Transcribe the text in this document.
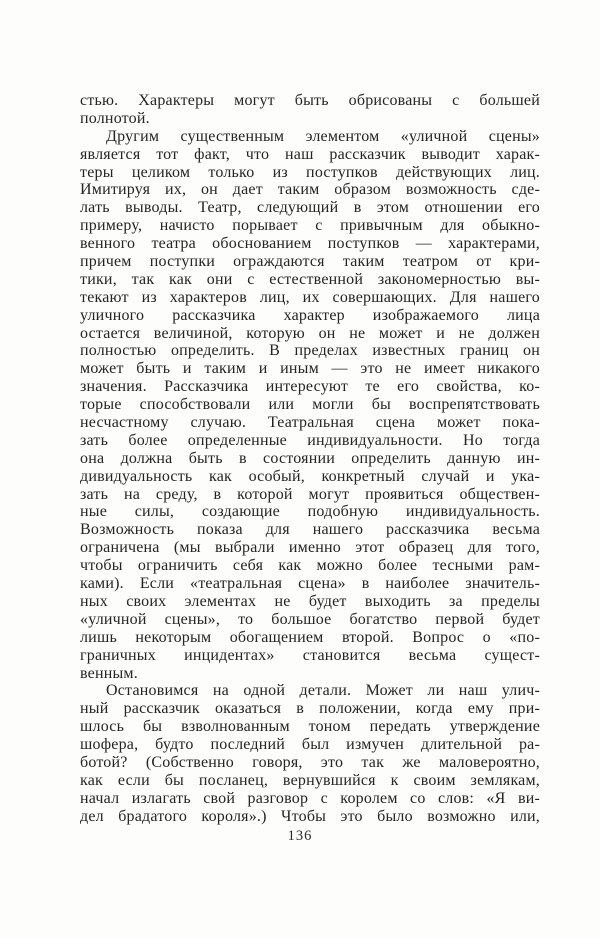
стью. Характеры могут быть обрисованы с большей
полнотой.
Другим существенным элементом «уличной сцены»
является тот факт, что наш рассказчик выводит харак-
теры целиком только из поступков действующих лиц.
Имитируя их, он дает таким образом возможность сде-
лать выводы. Театр, следующий в этом отношении его
примеру, начисто порывает с привычным для обыкно-
венного театра обоснованием поступков — характерами,
причем поступки ограждаются таким театром от кри-
тики, так как они с естественной закономерностью вы-
текают из характеров лиц, их совершающих. Для нашего
уличного рассказчика характер изображаемого лица
остается величиной, которую он не может и не должен
полностью определить. В пределах известных границ он
может быть и таким и иным — это не имеет никакого
значения. Рассказчика интересуют те его свойства, ко-
торые способствовали или могли бы воспрепятствовать
несчастному случаю. Театральная сцена может пока-
зать более определенные индивидуальности. Но тогда
она должна быть в состоянии определить данную ин-
дивидуальность как особый, конкретный случай и ука-
зать на среду, в которой могут проявиться обществен-
ные силы, создающие подобную индивидуальность.
Возможность показа для нашего рассказчика весьма
ограничена (мы выбрали именно этот образец для того,
чтобы ограничить себя как можно более тесными рам-
ками). Если «театральная сцена» в наиболее значитель-
ных своих элементах не будет выходить за пределы
«уличной сцены», то большое богатство первой будет
лишь некоторым обогащением второй. Вопрос о «по-
граничных инцидентах» становится весьма сущест-
венным.
Остановимся на одной детали. Может ли наш улич-
ный рассказчик оказаться в положении, когда ему при-
шлось бы взволнованным тоном передать утверждение
шофера, будто последний был измучен длительной ра-
ботой? (Собственно говоря, это так же маловероятно,
как если бы посланец, вернувшийся к своим землякам,
начал излагать свой разговор с королем со слов: «Я ви-
дел брадатого короля».) Чтобы это было возможно или,
136
